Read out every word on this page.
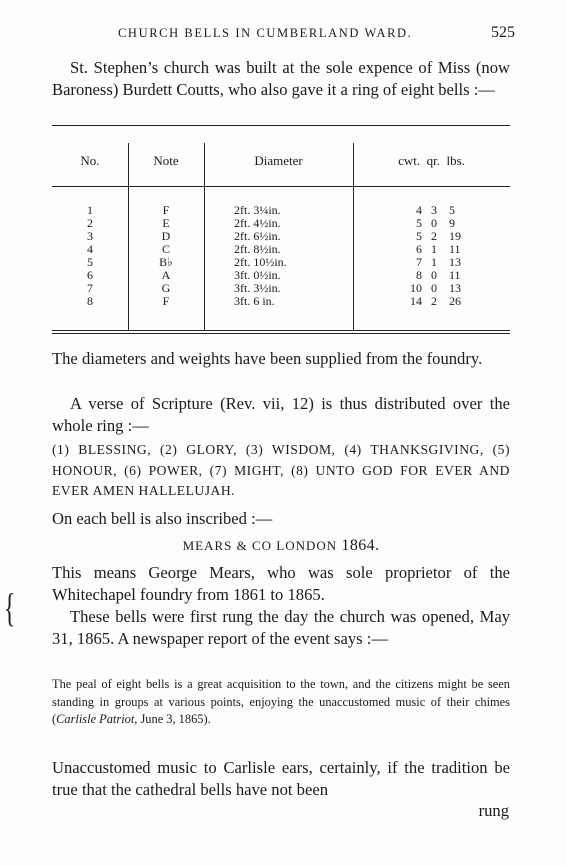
CHURCH BELLS IN CUMBERLAND WARD.	525

St. Stephen’s church was built at the sole expence of Miss (now Baroness) Burdett Coutts, who also gave it a ring of eight bells :—

No.	Note	Diameter	cwt.  qr.  lbs.
1	F	2ft. 3¼in.	4 3	5
2	E	2ft. 4½in.	5 0	9
3	D	2ft. 6½in.	5 2	19
4	C	2ft. 8½in.	6 1	11
5	B♭	2ft. 10½in.	7 1	13
6	A	3ft. 0½in.	8 0	11
7	G	3ft. 3½in.	10 0	13
8	F	3ft. 6 in.	14 2	26

The diameters and weights have been supplied from the foundry.

A verse of Scripture (Rev. vii, 12) is thus distributed over the whole ring :—

(1) BLESSING, (2) GLORY, (3) WISDOM, (4) THANKSGIVING, (5) HONOUR, (6) POWER, (7) MIGHT, (8) UNTO GOD FOR EVER AND EVER AMEN HALLELUJAH.

On each bell is also inscribed :—

MEARS & CO LONDON 1864.

This means George Mears, who was sole proprietor of the Whitechapel foundry from 1861 to 1865.

These bells were first rung the day the church was opened, May 31, 1865. A newspaper report of the event says :—

The peal of eight bells is a great acquisition to the town, and the citizens might be seen standing in groups at various points, enjoying the unaccustomed music of their chimes (Carlisle Patriot, June 3, 1865).

Unaccustomed music to Carlisle ears, certainly, if the tradition be true that the cathedral bells have not been

rung
{
